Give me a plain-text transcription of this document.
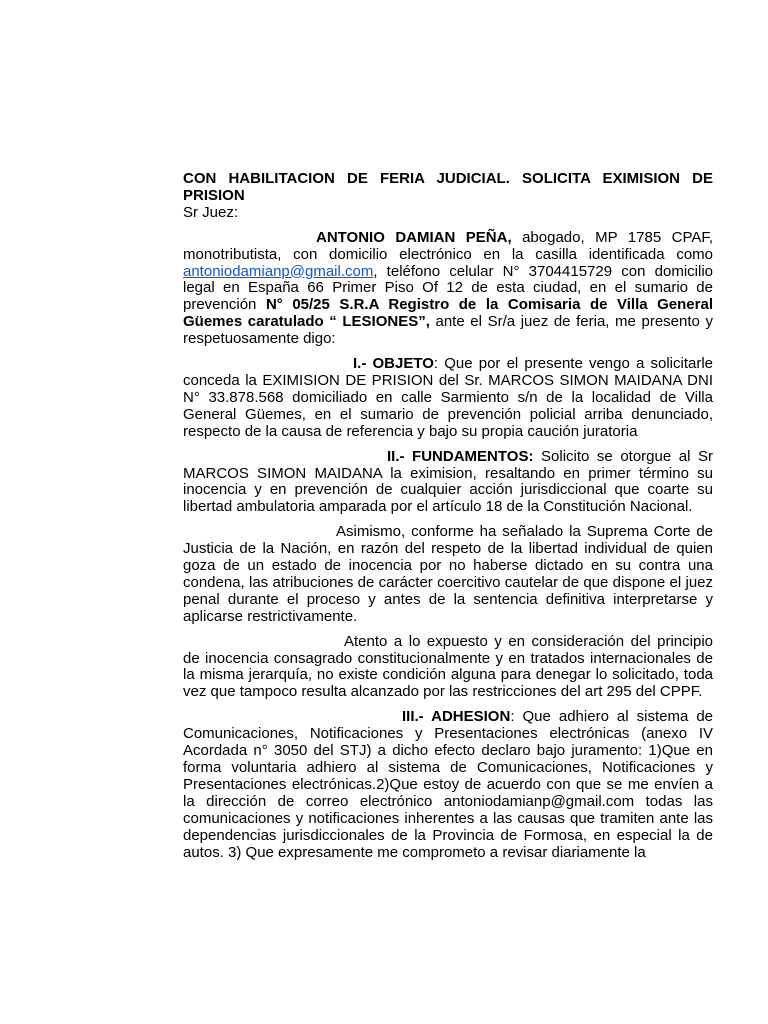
CON HABILITACION DE FERIA JUDICIAL. SOLICITA EXIMISION DE PRISION

Sr Juez:

ANTONIO DAMIAN PEÑA, abogado, MP 1785 CPAF, monotributista, con domicilio electrónico en la casilla identificada como antoniodamianp@gmail.com, teléfono celular N° 3704415729 con domicilio legal en España 66 Primer Piso Of 12 de esta ciudad, en el sumario de prevención N° 05/25 S.R.A Registro de la Comisaria de Villa General Güemes caratulado “ LESIONES”, ante el Sr/a juez de feria, me presento y respetuosamente digo:

I.- OBJETO: Que por el presente vengo a solicitarle conceda la EXIMISION DE PRISION del Sr. MARCOS SIMON MAIDANA DNI N° 33.878.568 domiciliado en calle Sarmiento s/n de la localidad de Villa General Güemes, en el sumario de prevención policial arriba denunciado, respecto de la causa de referencia y bajo su propia caución juratoria

II.- FUNDAMENTOS: Solicito se otorgue al Sr MARCOS SIMON MAIDANA la eximision, resaltando en primer término su inocencia y en prevención de cualquier acción jurisdiccional que coarte su libertad ambulatoria amparada por el artículo 18 de la Constitución Nacional.

Asimismo, conforme ha señalado la Suprema Corte de Justicia de la Nación, en razón del respeto de la libertad individual de quien goza de un estado de inocencia por no haberse dictado en su contra una condena, las atribuciones de carácter coercitivo cautelar de que dispone el juez penal durante el proceso y antes de la sentencia definitiva interpretarse y aplicarse restrictivamente.

Atento a lo expuesto y en consideración del principio de inocencia consagrado constitucionalmente y en tratados internacionales de la misma jerarquía, no existe condición alguna para denegar lo solicitado, toda vez que tampoco resulta alcanzado por las restricciones del art 295 del CPPF.

III.- ADHESION: Que adhiero al sistema de Comunicaciones, Notificaciones y Presentaciones electrónicas (anexo IV Acordada n° 3050 del STJ) a dicho efecto declaro bajo juramento: 1)Que en forma voluntaria adhiero al sistema de Comunicaciones, Notificaciones y Presentaciones electrónicas.2)Que estoy de acuerdo con que se me envíen a la dirección de correo electrónico antoniodamianp@gmail.com todas las comunicaciones y notificaciones inherentes a las causas que tramiten ante las dependencias jurisdiccionales de la Provincia de Formosa, en especial la de autos. 3) Que expresamente me comprometo a revisar diariamente la
